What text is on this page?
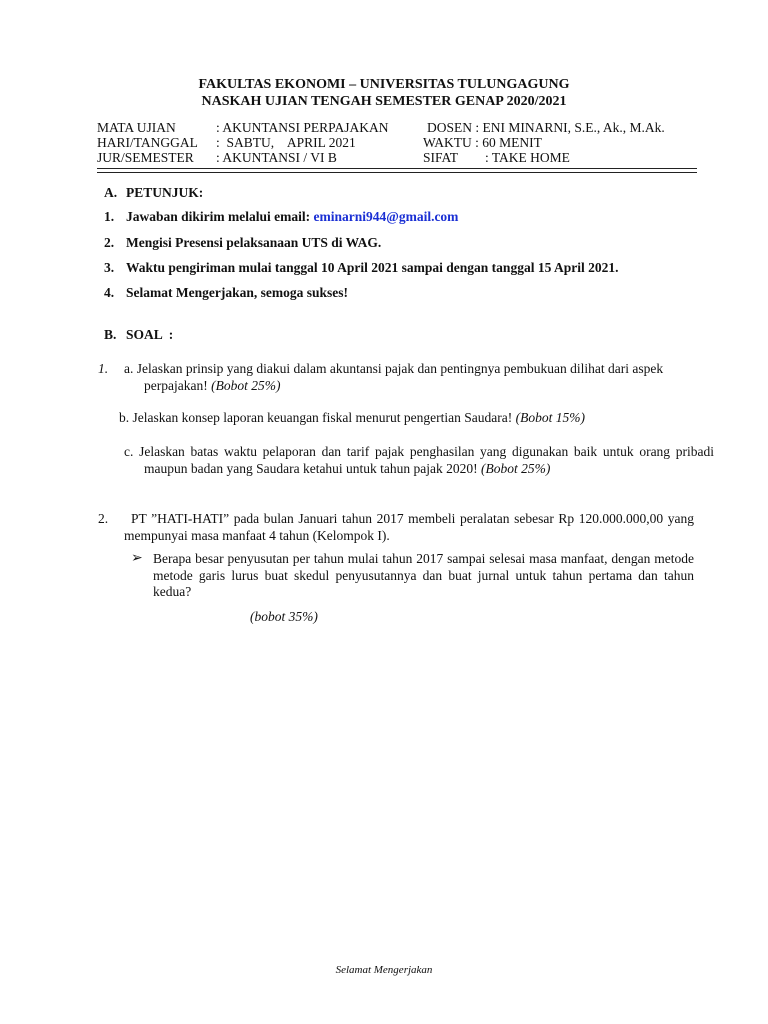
FAKULTAS EKONOMI – UNIVERSITAS TULUNGAGUNG
NASKAH UJIAN TENGAH SEMESTER GENAP 2020/2021
MATA UJIAN	: AKUNTANSI PERPAJAKAN	DOSEN : ENI MINARNI, S.E., Ak., M.Ak.
HARI/TANGGAL :  SABTU,    APRIL 2021	WAKTU : 60 MENIT
JUR/SEMESTER : AKUNTANSI / VI B	SIFAT : TAKE HOME
A. PETUNJUK:
1. Jawaban dikirim melalui email: eminarni944@gmail.com
2. Mengisi Presensi pelaksanaan UTS di WAG.
3. Waktu pengiriman mulai tanggal 10 April 2021 sampai dengan tanggal 15 April 2021.
4. Selamat Mengerjakan, semoga sukses!
B. SOAL  :
1. a. Jelaskan prinsip yang diakui dalam akuntansi pajak dan pentingnya pembukuan dilihat dari aspek perpajakan! (Bobot 25%)
b. Jelaskan konsep laporan keuangan fiskal menurut pengertian Saudara! (Bobot 15%)
c. Jelaskan batas waktu pelaporan dan tarif pajak penghasilan yang digunakan baik untuk orang pribadi maupun badan yang Saudara ketahui untuk tahun pajak 2020! (Bobot 25%)
2.	PT ”HATI-HATI” pada bulan Januari tahun 2017 membeli peralatan sebesar Rp 120.000.000,00 yang mempunyai masa manfaat 4 tahun (Kelompok I).
➢ Berapa besar penyusutan per tahun mulai tahun 2017 sampai selesai masa manfaat, dengan metode metode garis lurus buat skedul penyusutannya dan buat jurnal untuk tahun pertama dan tahun kedua?
(bobot 35%)
Selamat Mengerjakan
